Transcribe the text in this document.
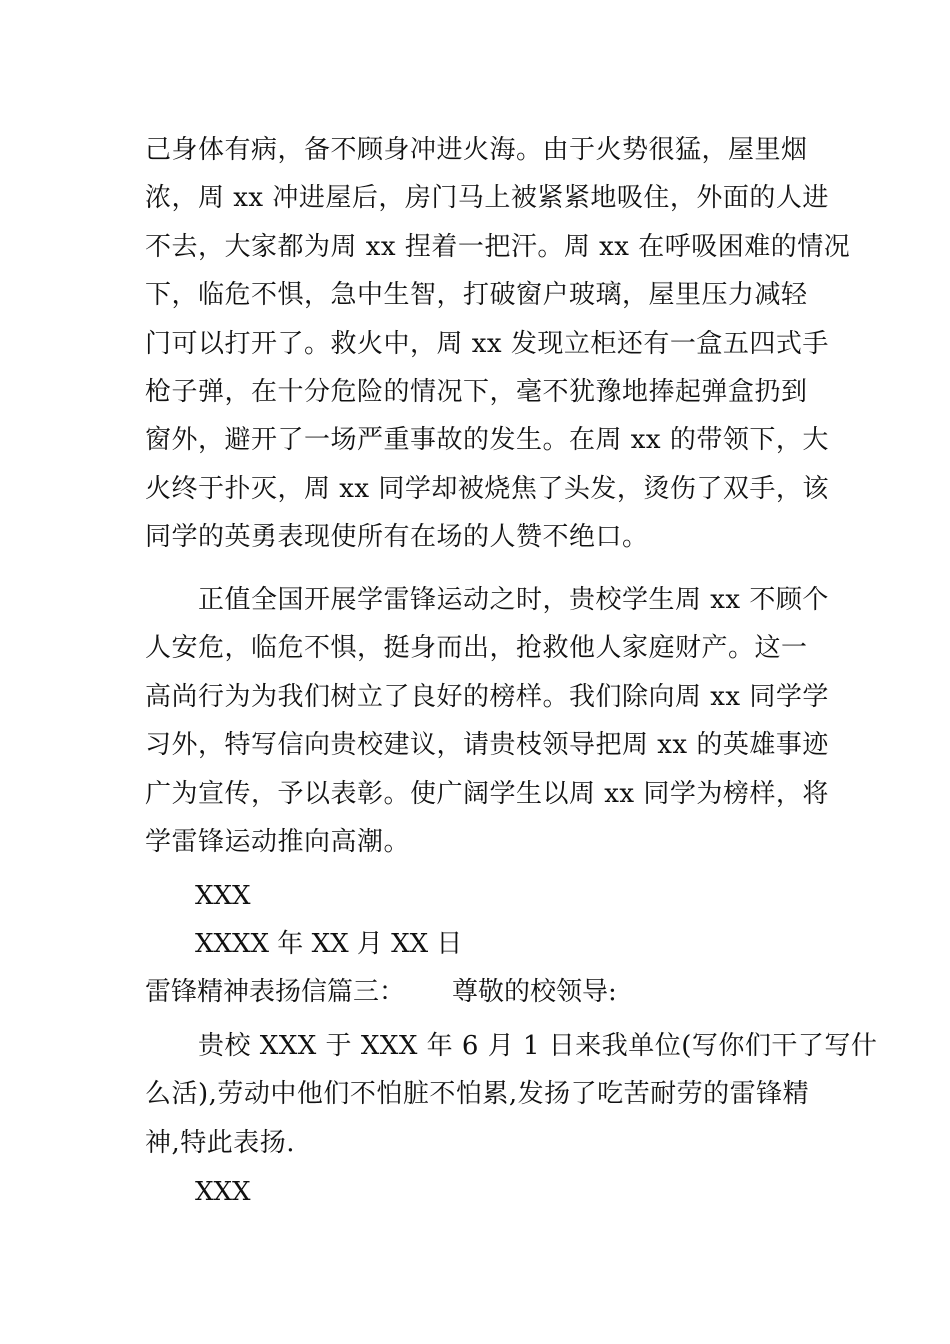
己身体有病，备不顾身冲进火海。由于火势很猛，屋里烟
浓，周 xx 冲进屋后，房门马上被紧紧地吸住，外面的人进
不去，大家都为周 xx 捏着一把汗。周 xx 在呼吸困难的情况
下，临危不惧，急中生智，打破窗户玻璃，屋里压力减轻
门可以打开了。救火中，周 xx 发现立柜还有一盒五四式手
枪子弹，在十分危险的情况下，毫不犹豫地捧起弹盒扔到
窗外，避开了一场严重事故的发生。在周 xx 的带领下，大
火终于扑灭，周 xx 同学却被烧焦了头发，烫伤了双手，该
同学的英勇表现使所有在场的人赞不绝口。
　　正值全国开展学雷锋运动之时，贵校学生周 xx 不顾个
人安危，临危不惧，挺身而出，抢救他人家庭财产。这一
高尚行为为我们树立了良好的榜样。我们除向周 xx 同学学
习外，特写信向贵校建议，请贵枝领导把周 xx 的英雄事迹
广为宣传，予以表彰。使广阔学生以周 xx 同学为榜样，将
学雷锋运动推向高潮。

XXX

XXXX 年 XX 月 XX 日

雷锋精神表扬信篇三： 尊敬的校领导:

　　贵校 XXX 于 XXX 年 6 月 1 日来我单位(写你们干了写什
么活),劳动中他们不怕脏不怕累,发扬了吃苦耐劳的雷锋精
神,特此表扬.

XXX
